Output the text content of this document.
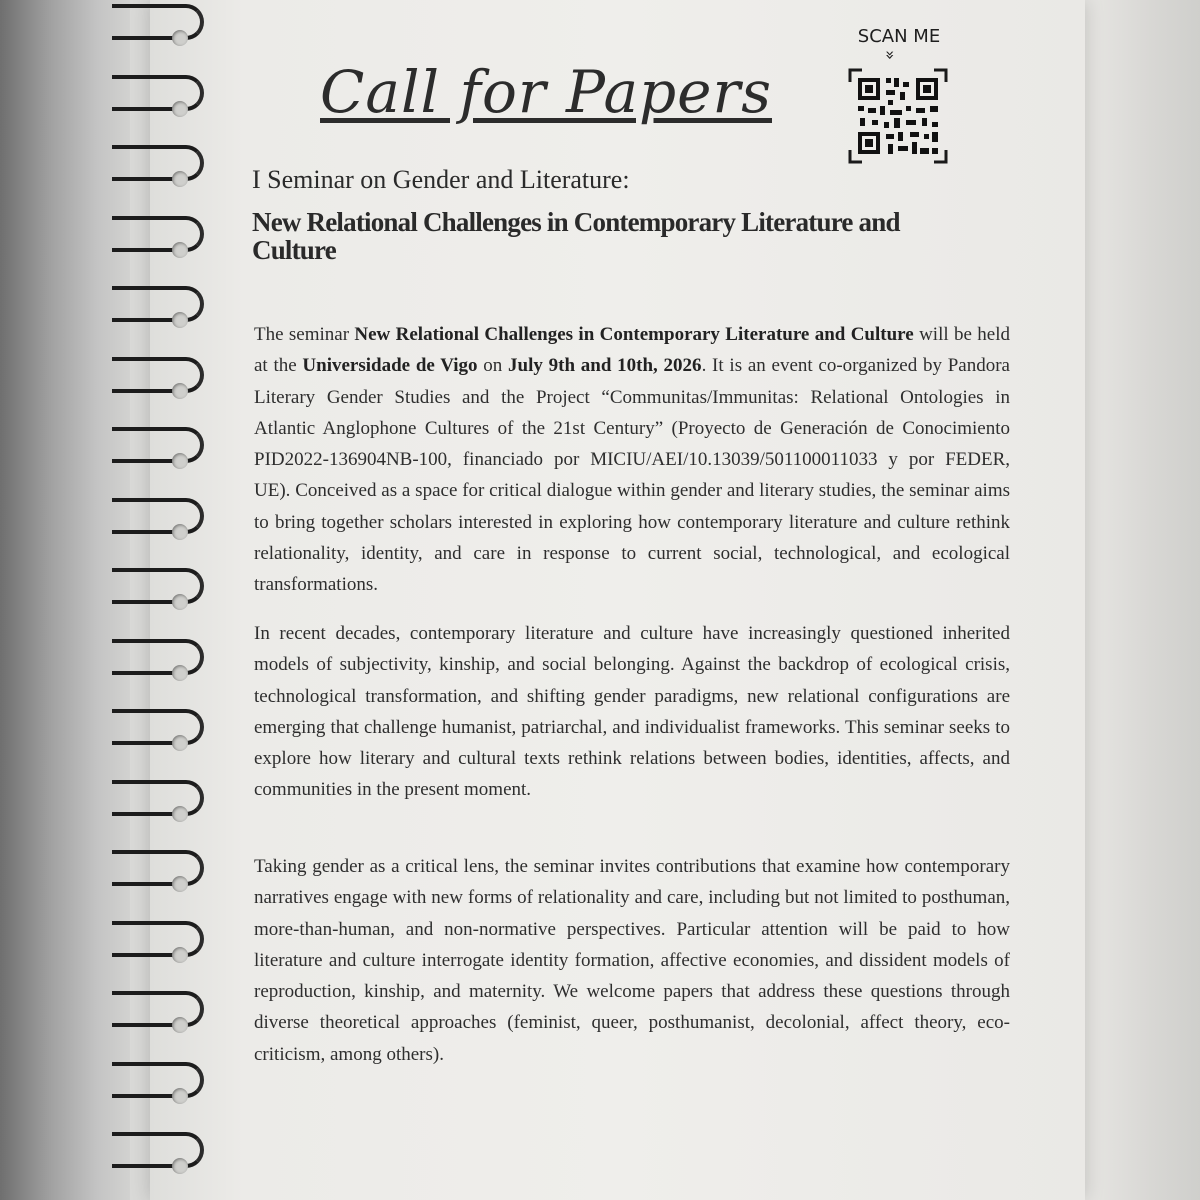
Call for Papers
SCAN ME
»
I Seminar on Gender and Literature:
New Relational Challenges in Contemporary Literature and Culture
The seminar New Relational Challenges in Contemporary Literature and Culture will be held at the Universidade de Vigo on July 9th and 10th, 2026. It is an event co-organized by Pandora Literary Gender Studies and the Project “Communitas/Immunitas: Relational Ontologies in Atlantic Anglophone Cultures of the 21st Century” (Proyecto de Generación de Conocimiento PID2022-136904NB-100, financiado por MICIU/AEI/10.13039/501100011033 y por FEDER, UE). Conceived as a space for critical dialogue within gender and literary studies, the seminar aims to bring together scholars interested in exploring how contemporary literature and culture rethink relationality, identity, and care in response to current social, technological, and ecological transformations.
In recent decades, contemporary literature and culture have increasingly questioned inherited models of subjectivity, kinship, and social belonging. Against the backdrop of ecological crisis, technological transformation, and shifting gender paradigms, new relational configurations are emerging that challenge humanist, patriarchal, and individualist frameworks. This seminar seeks to explore how literary and cultural texts rethink relations between bodies, identities, affects, and communities in the present moment.
Taking gender as a critical lens, the seminar invites contributions that examine how contemporary narratives engage with new forms of relationality and care, including but not limited to posthuman, more-than-human, and non-normative perspectives. Particular attention will be paid to how literature and culture interrogate identity formation, affective economies, and dissident models of reproduction, kinship, and maternity. We welcome papers that address these questions through diverse theoretical approaches (feminist, queer, posthumanist, decolonial, affect theory, eco-criticism, among others).
